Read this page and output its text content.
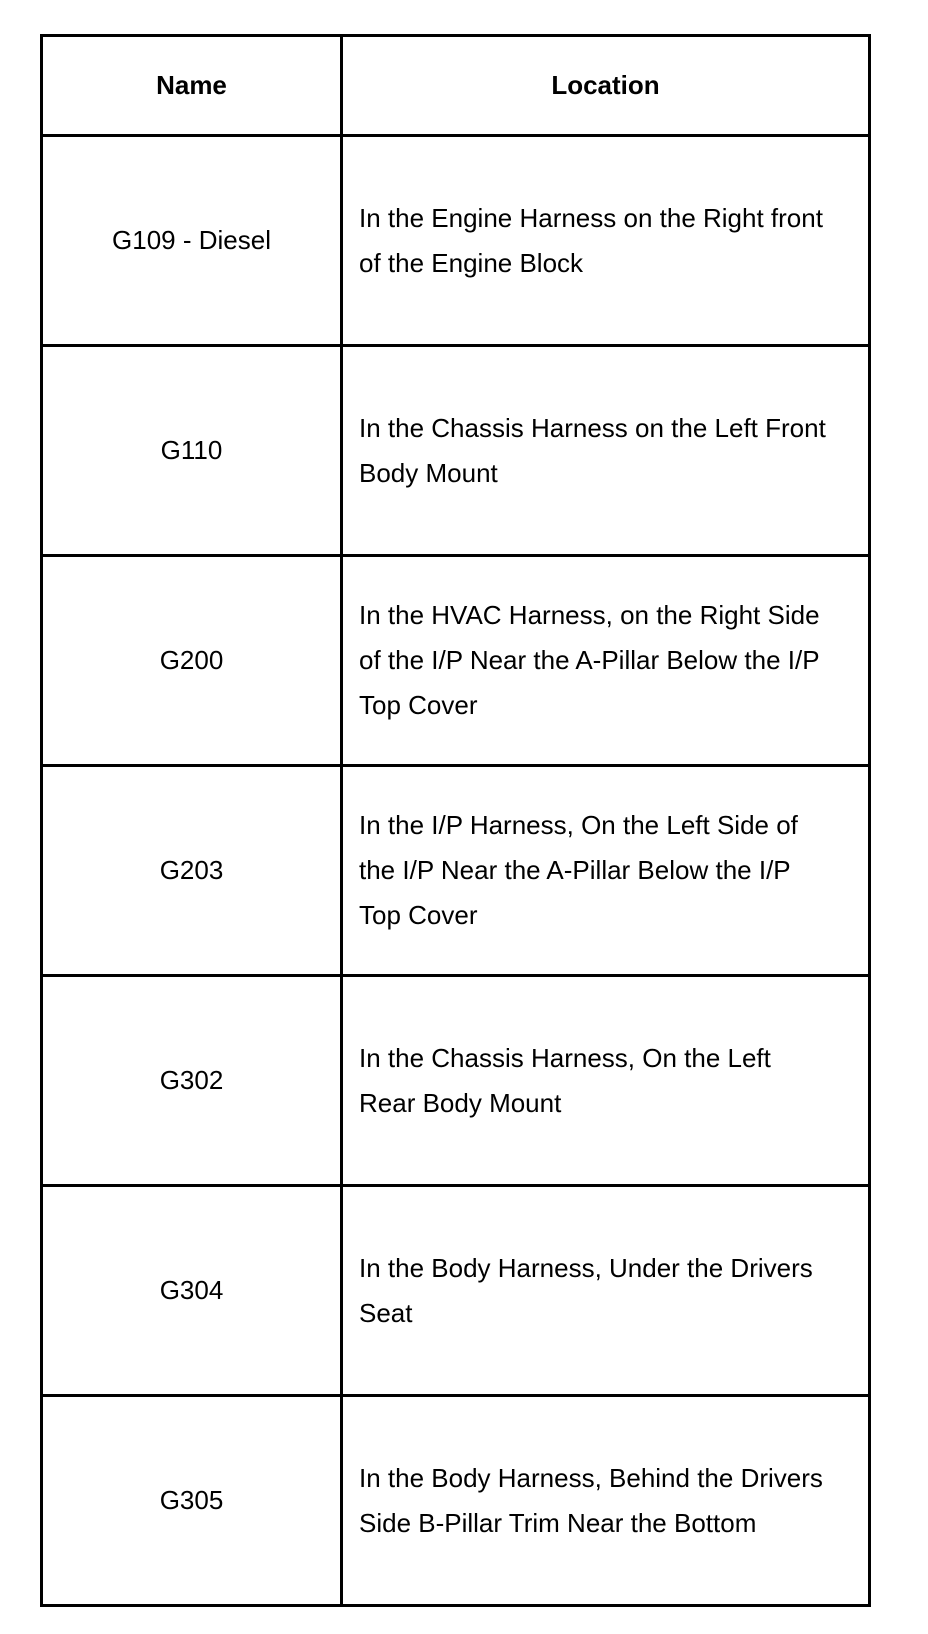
Name	Location
G109 - Diesel	In the Engine Harness on the Right front of the Engine Block
G110	In the Chassis Harness on the Left Front Body Mount
G200	In the HVAC Harness, on the Right Side of the I/P Near the A-Pillar Below the I/P Top Cover
G203	In the I/P Harness, On the Left Side of the I/P Near the A-Pillar Below the I/P Top Cover
G302	In the Chassis Harness, On the Left Rear Body Mount
G304	In the Body Harness, Under the Drivers Seat
G305	In the Body Harness, Behind the Drivers Side B-Pillar Trim Near the Bottom
